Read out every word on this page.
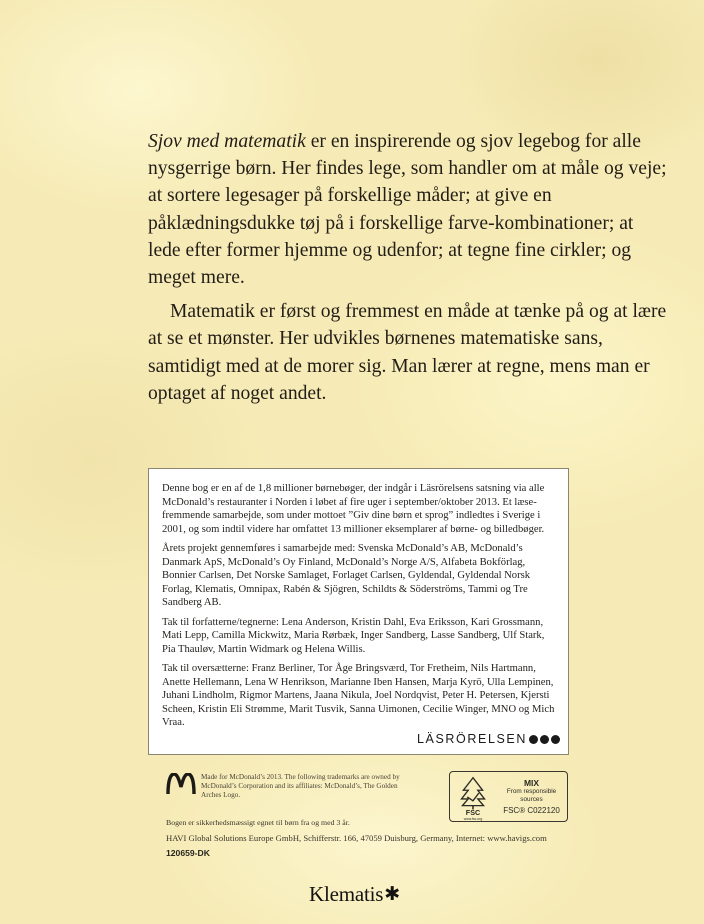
Sjov med matematik er en inspirerende og sjov legebog for alle nysgerrige børn. Her findes lege, som handler om at måle og veje; at sortere legesager på forskellige måder; at give en påklædningsdukke tøj på i forskellige farve-kombinationer; at lede efter former hjemme og udenfor; at tegne fine cirkler; og meget mere.

Matematik er først og fremmest en måde at tænke på og at lære at se et mønster. Her udvikles børnenes matematiske sans, samtidigt med at de morer sig. Man lærer at regne, mens man er optaget af noget andet.

Denne bog er en af de 1,8 millioner børnebøger, der indgår i Läsrörelsens satsning via alle McDonald’s restauranter i Norden i løbet af fire uger i september/oktober 2013. Et læse-fremmende samarbejde, som under mottoet ”Giv dine børn et sprog” indledtes i Sverige i 2001, og som indtil videre har omfattet 13 millioner eksemplarer af børne- og billedbøger.

Årets projekt gennemføres i samarbejde med: Svenska McDonald’s AB, McDonald’s Danmark ApS, McDonald’s Oy Finland, McDonald’s Norge A/S, Alfabeta Bokförlag, Bonnier Carlsen, Det Norske Samlaget, Forlaget Carlsen, Gyldendal, Gyldendal Norsk Forlag, Klematis, Omnipax, Rabén & Sjögren, Schildts & Söderströms, Tammi og Tre Sandberg AB.

Tak til forfatterne/tegnerne: Lena Anderson, Kristin Dahl, Eva Eriksson, Kari Grossmann, Mati Lepp, Camilla Mickwitz, Maria Rørbæk, Inger Sandberg, Lasse Sandberg, Ulf Stark, Pia Thauløv, Martin Widmark og Helena Willis.

Tak til oversætterne: Franz Berliner, Tor Åge Bringsværd, Tor Fretheim, Nils Hartmann, Anette Hellemann, Lena W Henrikson, Marianne Iben Hansen, Marja Kyrö, Ulla Lempinen, Juhani Lindholm, Rigmor Martens, Jaana Nikula, Joel Nordqvist, Peter H. Petersen, Kjersti Scheen, Kristin Eli Strømme, Marit Tusvik, Sanna Uimonen, Cecilie Winger, MNO og Mich Vraa.

LÄSRÖRELSEN
Made for McDonald’s 2013. The following trademarks are owned by McDonald’s Corporation and its affiliates: McDonald’s, The Golden Arches Logo.
FSC
www.fsc.org
MIX
From responsible sources
FSC® C022120
Bogen er sikkerhedsmæssigt egnet til børn fra og med 3 år.
HAVI Global Solutions Europe GmbH, Schifferstr. 166, 47059 Duisburg, Germany, Internet: www.havigs.com
120659-DK
Klematis ✱
